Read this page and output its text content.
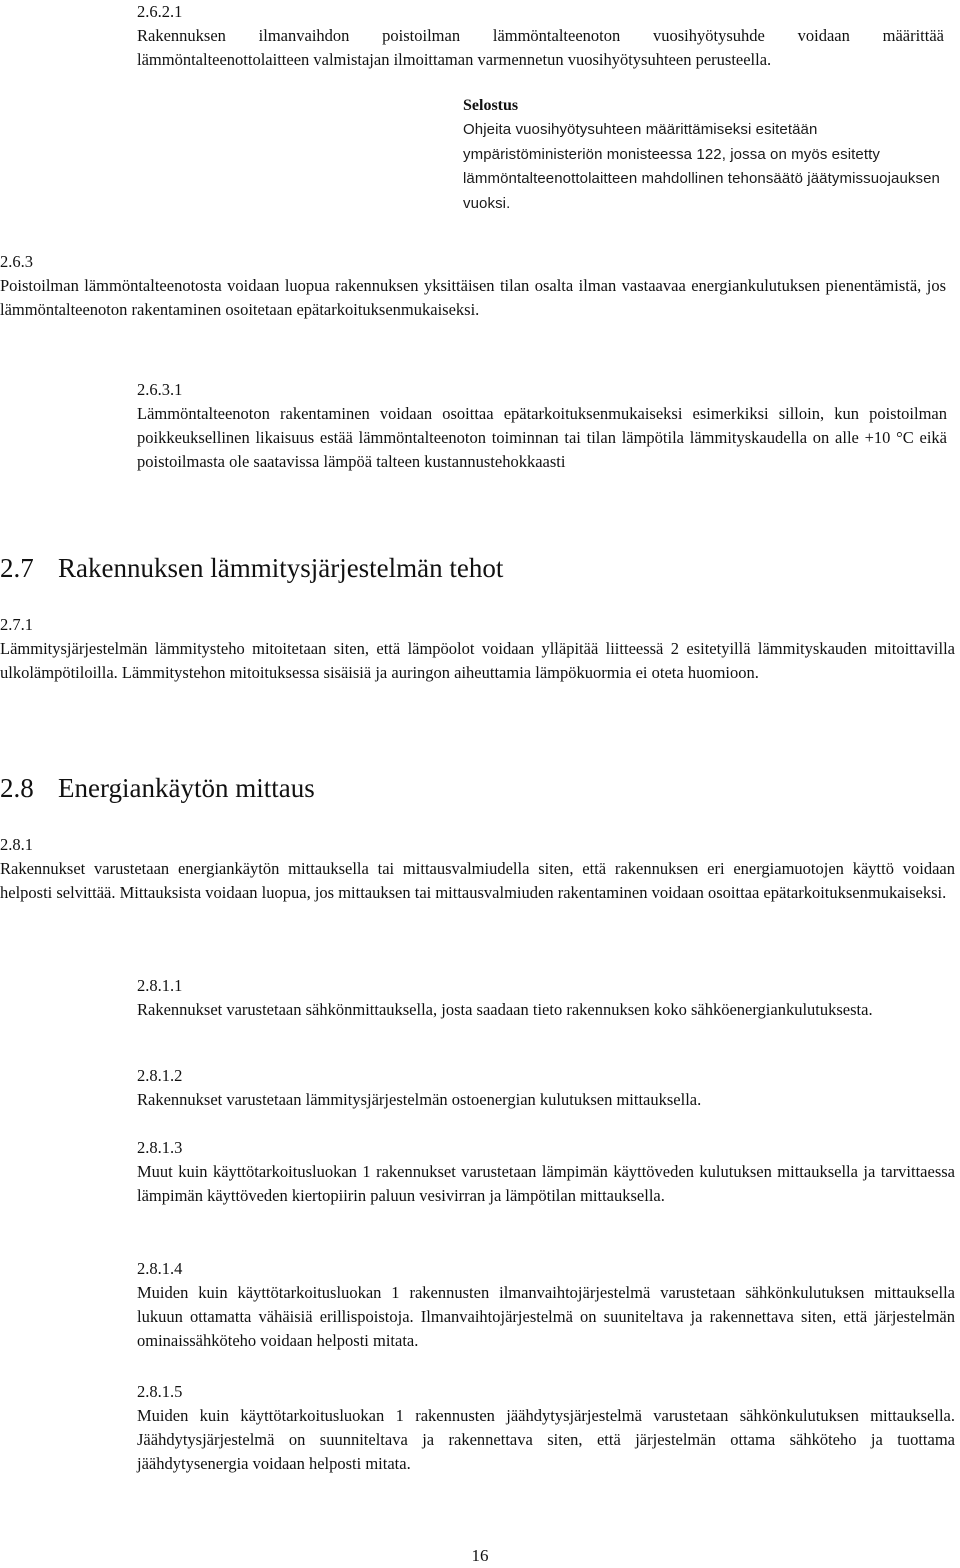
2.6.2.1
Rakennuksen ilmanvaihdon poistoilman lämmöntalteenoton vuosihyötysuhde voidaan määrittää lämmöntalteenottolaitteen valmistajan ilmoittaman varmennetun vuosihyötysuhteen perusteella.
Selostus
Ohjeita vuosihyötysuhteen määrittämiseksi esitetään ympäristöministeriön monisteessa 122, jossa on myös esitetty lämmöntalteenottolaitteen mahdollinen tehonsäätö jäätymissuojauksen vuoksi.
2.6.3
Poistoilman lämmöntalteenotosta voidaan luopua rakennuksen yksittäisen tilan osalta ilman vastaavaa energiankulutuksen pienentämistä, jos lämmöntalteenoton rakentaminen osoitetaan epätarkoituksenmukaiseksi.
2.6.3.1
Lämmöntalteenoton rakentaminen voidaan osoittaa epätarkoituksenmukaiseksi esimerkiksi silloin, kun poistoilman poikkeuksellinen likaisuus estää lämmöntalteenoton toiminnan tai tilan lämpötila lämmityskaudella on alle +10 °C eikä poistoilmasta ole saatavissa lämpöä talteen kustannustehokkaasti
2.7 Rakennuksen lämmitysjärjestelmän tehot
2.7.1
Lämmitysjärjestelmän lämmitysteho mitoitetaan siten, että lämpöolot voidaan ylläpitää liitteessä 2 esitetyillä lämmityskauden mitoittavilla ulkolämpötiloilla. Lämmitystehon mitoituksessa sisäisiä ja auringon aiheuttamia lämpökuormia ei oteta huomioon.
2.8 Energiankäytön mittaus
2.8.1
Rakennukset varustetaan energiankäytön mittauksella tai mittausvalmiudella siten, että rakennuksen eri energiamuotojen käyttö voidaan helposti selvittää. Mittauksista voidaan luopua, jos mittauksen tai mittausvalmiuden rakentaminen voidaan osoittaa epätarkoituksenmukaiseksi.
2.8.1.1
Rakennukset varustetaan sähkönmittauksella, josta saadaan tieto rakennuksen koko sähköenergiankulutuksesta.
2.8.1.2
Rakennukset varustetaan lämmitysjärjestelmän ostoenergian kulutuksen mittauksella.
2.8.1.3
Muut kuin käyttötarkoitusluokan 1 rakennukset varustetaan lämpimän käyttöveden kulutuksen mittauksella ja tarvittaessa lämpimän käyttöveden kiertopiirin paluun vesivirran ja lämpötilan mittauksella.
2.8.1.4
Muiden kuin käyttötarkoitusluokan 1 rakennusten ilmanvaihtojärjestelmä varustetaan sähkönkulutuksen mittauksella lukuun ottamatta vähäisiä erillispoistoja. Ilmanvaihtojärjestelmä on suuniteltava ja rakennettava siten, että järjestelmän ominaissähköteho voidaan helposti mitata.
2.8.1.5
Muiden kuin käyttötarkoitusluokan 1 rakennusten jäähdytysjärjestelmä varustetaan sähkönkulutuksen mittauksella. Jäähdytysjärjestelmä on suunniteltava ja rakennettava siten, että järjestelmän ottama sähköteho ja tuottama jäähdytysenergia voidaan helposti mitata.
16
